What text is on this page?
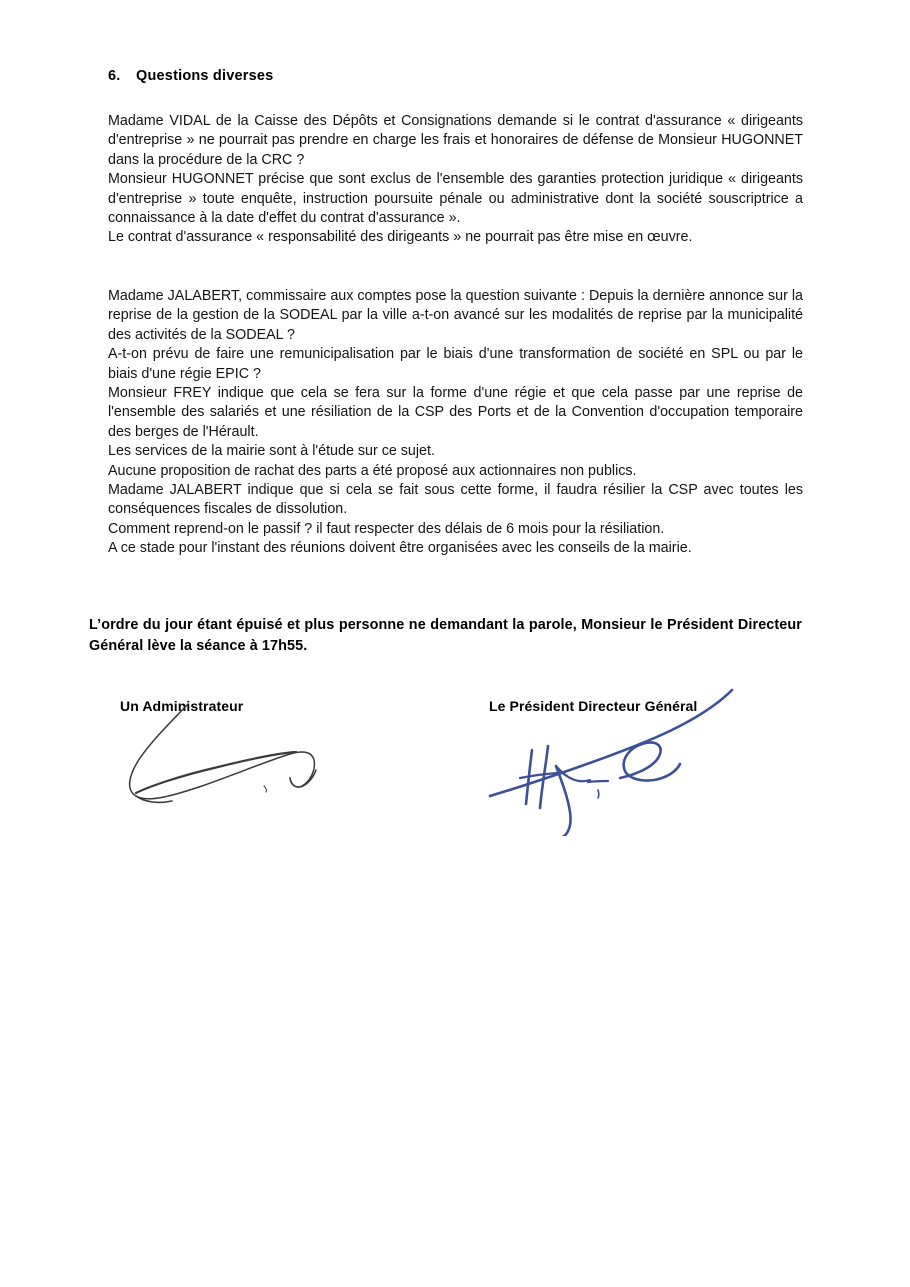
6. Questions diverses

Madame VIDAL de la Caisse des Dépôts et Consignations demande si le contrat d'assurance « dirigeants d'entreprise » ne pourrait pas prendre en charge les frais et honoraires de défense de Monsieur HUGONNET dans la procédure de la CRC ?

Monsieur HUGONNET précise que sont exclus de l'ensemble des garanties protection juridique « dirigeants d'entreprise » toute enquête, instruction poursuite pénale ou administrative dont la société souscriptrice a connaissance à la date d'effet du contrat d'assurance ».

Le contrat d'assurance « responsabilité des dirigeants » ne pourrait pas être mise en œuvre.

Madame JALABERT, commissaire aux comptes pose la question suivante : Depuis la dernière annonce sur la reprise de la gestion de la SODEAL par la ville a-t-on avancé sur les modalités de reprise par la municipalité des activités de la SODEAL ?

A-t-on prévu de faire une remunicipalisation par le biais d'une transformation de société en SPL ou par le biais d'une régie EPIC ?

Monsieur FREY indique que cela se fera sur la forme d'une régie et que cela passe par une reprise de l'ensemble des salariés et une résiliation de la CSP des Ports et de la Convention d'occupation temporaire des berges de l'Hérault.

Les services de la mairie sont à l'étude sur ce sujet.

Aucune proposition de rachat des parts a été proposé aux actionnaires non publics.

Madame JALABERT indique que si cela se fait sous cette forme, il faudra résilier la CSP avec toutes les conséquences fiscales de dissolution.

Comment reprend-on le passif ? il faut respecter des délais de 6 mois pour la résiliation.

A ce stade pour l'instant des réunions doivent être organisées avec les conseils de la mairie.

L’ordre du jour étant épuisé et plus personne ne demandant la parole, Monsieur le Président Directeur Général lève la séance à 17h55.

Un Administrateur	Le Président Directeur Général
